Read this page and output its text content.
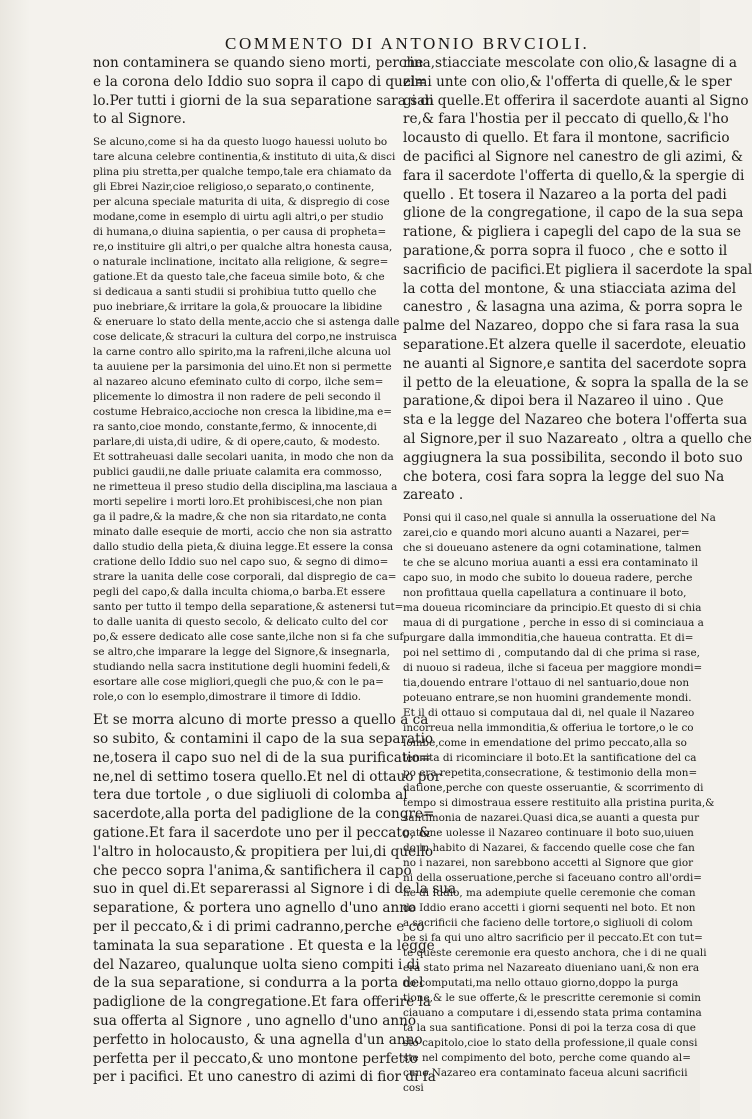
COMMENTO DI ANTONIO BRVCIOLI.
non contaminera se quando sieno morti, perche
e la corona delo Iddio suo sopra il capo di quel=
lo.Per tutti i giorni de la sua separatione sara san
to al Signore.
Se alcuno,come si ha da questo luogo hauessi uoluto bo
tare alcuna celebre continentia,& instituto di uita,& disci
plina piu stretta,per qualche tempo,tale era chiamato da
gli Ebrei Nazir,cioe religioso,o separato,o continente,
per alcuna speciale maturita di uita, & dispregio di cose
modane,come in esemplo di uirtu agli altri,o per studio
di humana,o diuina sapientia, o per causa di propheta=
re,o instituire gli altri,o per qualche altra honesta causa,
o naturale inclinatione, incitato alla religione, & segre=
gatione.Et da questo tale,che faceua simile boto, & che
si dedicaua a santi studii si prohibiua tutto quello che
puo inebriare,& irritare la gola,& prouocare la libidine
& eneruare lo stato della mente,accio che si astenga dalle
cose delicate,& stracuri la cultura del corpo,ne instruisca
la carne contro allo spirito,ma la rafreni,ilche alcuna uol
ta auuiene per la parsimonia del uino.Et non si permette
al nazareo alcuno efeminato culto di corpo, ilche sem=
plicemente lo dimostra il non radere de peli secondo il
costume Hebraico,accioche non cresca la libidine,ma e=
ra santo,cioe mondo, constante,fermo, & innocente,di
parlare,di uista,di udire, & di opere,cauto, & modesto.
Et sottraheuasi dalle secolari uanita, in modo che non da
publici gaudii,ne dalle priuate calamita era commosso,
ne rimetteua il preso studio della disciplina,ma lasciaua a
morti sepelire i morti loro.Et prohibiscesi,che non pian
ga il padre,& la madre,& che non sia ritardato,ne conta
minato dalle esequie de morti, accio che non sia astratto
dallo studio della pieta,& diuina legge.Et essere la consa
cratione dello Iddio suo nel capo suo, & segno di dimo=
strare la uanita delle cose corporali, dal dispregio de ca=
pegli del capo,& dalla inculta chioma,o barba.Et essere
santo per tutto il tempo della separatione,& astenersi tut=
to dalle uanita di questo secolo, & delicato culto del cor
po,& essere dedicato alle cose sante,ilche non si fa che suf
se altro,che imparare la legge del Signore,& insegnarla,
studiando nella sacra institutione degli huomini fedeli,&
esortare alle cose migliori,quegli che puo,& con le pa=
role,o con lo esemplo,dimostrare il timore di Iddio.
Et se morra alcuno di morte presso a quello a ca
so subito, & contamini il capo de la sua separatio
ne,tosera il capo suo nel di de la sua purificatio=
ne,nel di settimo tosera quello.Et nel di ottauo por
tera due tortole , o due sigliuoli di colomba al
sacerdote,alla porta del padiglione de la congre=
gatione.Et fara il sacerdote uno per il peccato, &
l'altro in holocausto,& propitiera per lui,di quello
che pecco sopra l'anima,& santifichera il capo
suo in quel di.Et separerassi al Signore i di de la sua
separatione, & portera uno agnello d'uno anno
per il peccato,& i di primi cadranno,perche e co
taminata la sua separatione . Et questa e la legge
del Nazareo, qualunque uolta sieno compiti i di
de la sua separatione, si condurra a la porta del
padiglione de la congregatione.Et fara offerire la
sua offerta al Signore , uno agnello d'uno anno
perfetto in holocausto, & una agnella d'un anno
perfetta per il peccato,& uno montone perfetto
per i pacifici. Et uno canestro di azimi di fior di fa
rina,stiacciate mescolate con olio,& lasagne di a
zimi unte con olio,& l'offerta di quelle,& le sper
gi di quelle.Et offerira il sacerdote auanti al Signo
re,& fara l'hostia per il peccato di quello,& l'ho
locausto di quello. Et fara il montone, sacrificio
de pacifici al Signore nel canestro de gli azimi, &
fara il sacerdote l'offerta di quello,& la spergie di
quello . Et tosera il Nazareo a la porta del padi
glione de la congregatione, il capo de la sua sepa
ratione, & pigliera i capegli del capo de la sua se
paratione,& porra sopra il fuoco , che e sotto il
sacrificio de pacifici.Et pigliera il sacerdote la spal
la cotta del montone, & una stiacciata azima del
canestro , & lasagna una azima, & porra sopra le
palme del Nazareo, doppo che si fara rasa la sua
separatione.Et alzera quelle il sacerdote, eleuatio
ne auanti al Signore,e santita del sacerdote sopra
il petto de la eleuatione, & sopra la spalla de la se
paratione,& dipoi bera il Nazareo il uino . Que
sta e la legge del Nazareo che botera l'offerta sua
al Signore,per il suo Nazareato , oltra a quello che
aggiugnera la sua possibilita, secondo il boto suo
che botera, cosi fara sopra la legge del suo Na
zareato .
Ponsi qui il caso,nel quale si annulla la osseruatione del Na
zarei,cio e quando mori alcuno auanti a Nazarei, per=
che si doueuano astenere da ogni cotaminatione, talmen
te che se alcuno moriua auanti a essi era contaminato il
capo suo, in modo che subito lo doueua radere, perche
non profittaua quella capellatura a continuare il boto,
ma doueua ricominciare da principio.Et questo di si chia
maua di di purgatione , perche in esso di si cominciaua a
purgare dalla immonditia,che haueua contratta. Et di=
poi nel settimo di , computando dal di che prima si rase,
di nuouo si radeua, ilche si faceua per maggiore mondi=
tia,douendo entrare l'ottauo di nel santuario,doue non
poteuano entrare,se non huomini grandemente mondi.
Et il di ottauo si computaua dal di, nel quale il Nazareo
incorreua nella immonditia,& offeriua le tortore,o le co
lombe,come in emendatione del primo peccato,alla so
lennita di ricominciare il boto.Et la santificatione del ca
po era repetita,consecratione, & testimonio della mon=
datione,perche con queste osseruantie, & scorrimento di
tempo si dimostraua essere restituito alla pristina purita,&
santimonia de nazarei.Quasi dica,se auanti a questa pur
gatione uolesse il Nazareo continuare il boto suo,uiuen
do in habito di Nazarei, & faccendo quelle cose che fan
no i nazarei, non sarebbono accetti al Signore que gior
ni della osseruatione,perche si faceuano contro all'ordi=
ne di Iddio, ma adempiute quelle ceremonie che coman
da Iddio erano accetti i giorni sequenti nel boto. Et non
a sacrificii che facieno delle tortore,o sigliuoli di colom
be si fa qui uno altro sacrificio per il peccato.Et con tut=
te queste ceremonie era questo anchora, che i di ne quali
era stato prima nel Nazareato diueniano uani,& non era
no computati,ma nello ottauo giorno,doppo la purga
tione,& le sue offerte,& le prescritte ceremonie si comin
ciauano a computare i di,essendo stata prima contamina
ta la sua santificatione. Ponsi di poi la terza cosa di que
sto capitolo,cioe lo stato della professione,il quale consi
ste nel compimento del boto, perche come quando al=
cuno Nazareo era contaminato faceua alcuni sacrificii
cosi
